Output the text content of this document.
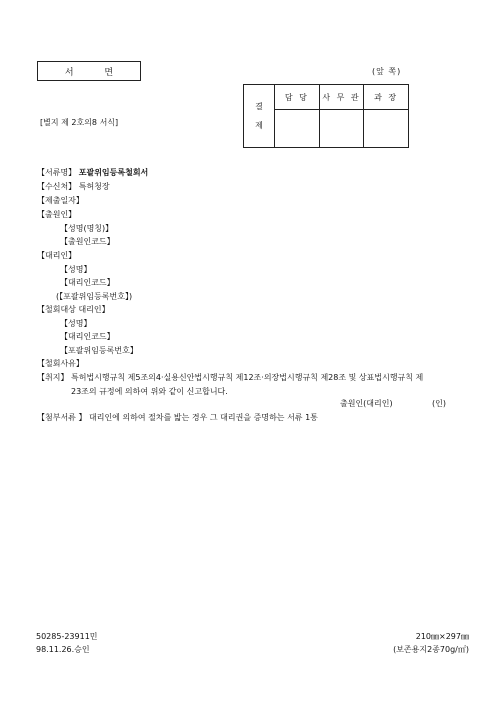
서 면	(앞 쪽)
[별지 제 2호의8 서식]
결
제	담 당	사 무 관	과 장

【서류명】 포괄위임등록철회서
【수신처】 특허청장
【제출일자】
【출원인】
【성명(명칭)】
【출원인코드】
【대리인】
【성명】
【대리인코드】
(【포괄위임등록번호】)
【철회대상 대리인】
【성명】
【대리인코드】
【포괄위임등록번호】
【철회사유】
【취지】 특허법시행규칙 제5조의4·실용신안법시행규칙 제12조·의장법시행규칙 제28조 및 상표법시행규칙 제
23조의 규정에 의하여 위와 같이 신고합니다.
출원인(대리인)	(인)
【첨부서류 】 대리인에 의하여 절차를 밟는 경우 그 대리권을 증명하는 서류 1통
50285-23911민
98.11.26.승인
210㎜×297㎜
(보존용지2종70g/㎡)
